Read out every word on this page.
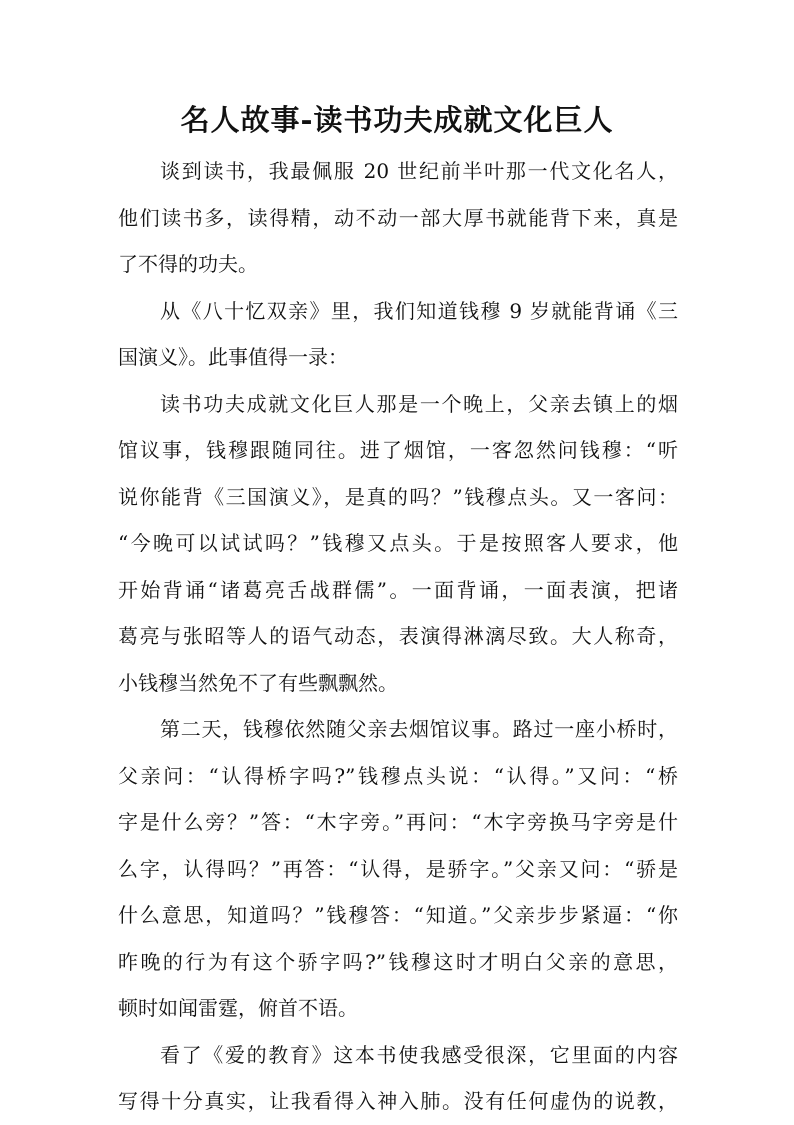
名人故事-读书功夫成就文化巨人
谈到读书，我最佩服 20 世纪前半叶那一代文化名人，
他们读书多，读得精，动不动一部大厚书就能背下来，真是
了不得的功夫。
从《八十忆双亲》里，我们知道钱穆 9 岁就能背诵《三
国演义》。此事值得一录：
读书功夫成就文化巨人那是一个晚上，父亲去镇上的烟
馆议事，钱穆跟随同往。进了烟馆，一客忽然问钱穆：“听
说你能背《三国演义》，是真的吗？”钱穆点头。又一客问：
“今晚可以试试吗？”钱穆又点头。于是按照客人要求，他
开始背诵“诸葛亮舌战群儒”。一面背诵，一面表演，把诸
葛亮与张昭等人的语气动态，表演得淋漓尽致。大人称奇，
小钱穆当然免不了有些飘飘然。
第二天，钱穆依然随父亲去烟馆议事。路过一座小桥时，
父亲问：“认得桥字吗?”钱穆点头说：“认得。”又问：“桥
字是什么旁？”答：“木字旁。”再问：“木字旁换马字旁是什
么字，认得吗？”再答：“认得，是骄字。”父亲又问：“骄是
什么意思，知道吗？”钱穆答：“知道。”父亲步步紧逼：“你
昨晚的行为有这个骄字吗?”钱穆这时才明白父亲的意思，
顿时如闻雷霆，俯首不语。
看了《爱的教育》这本书使我感受很深，它里面的内容
写得十分真实，让我看得入神入肺。没有任何虚伪的说教，
